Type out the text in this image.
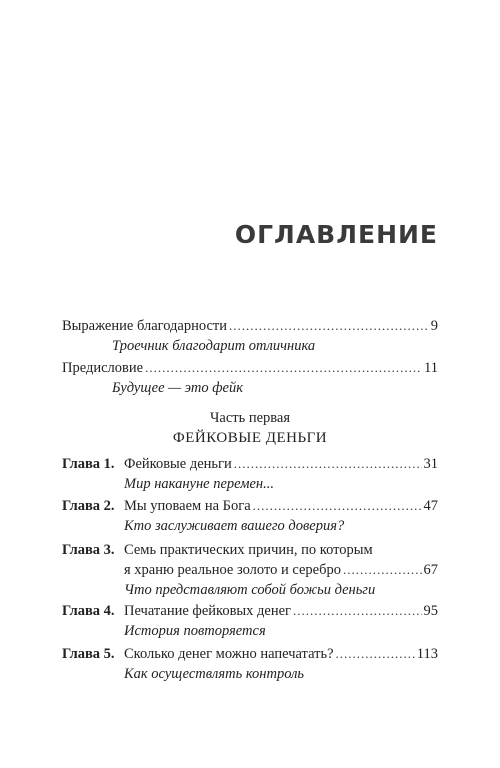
ОГЛАВЛЕНИЕ
Выражение благодарности .....	9
Троечник благодарит отличника
Предисловие .....	11
Будущее — это фейк
Часть первая
ФЕЙКОВЫЕ ДЕНЬГИ
Глава 1. Фейковые деньги .....	31
Мир накануне перемен...
Глава 2. Мы уповаем на Бога .....	47
Кто заслуживает вашего доверия?
Глава 3. Семь практических причин, по которым
я храню реальное золото и серебро .....	67
Что представляют собой божьи деньги
Глава 4. Печатание фейковых денег .....	95
История повторяется
Глава 5. Сколько денег можно напечатать? .....	113
Как осуществлять контроль
